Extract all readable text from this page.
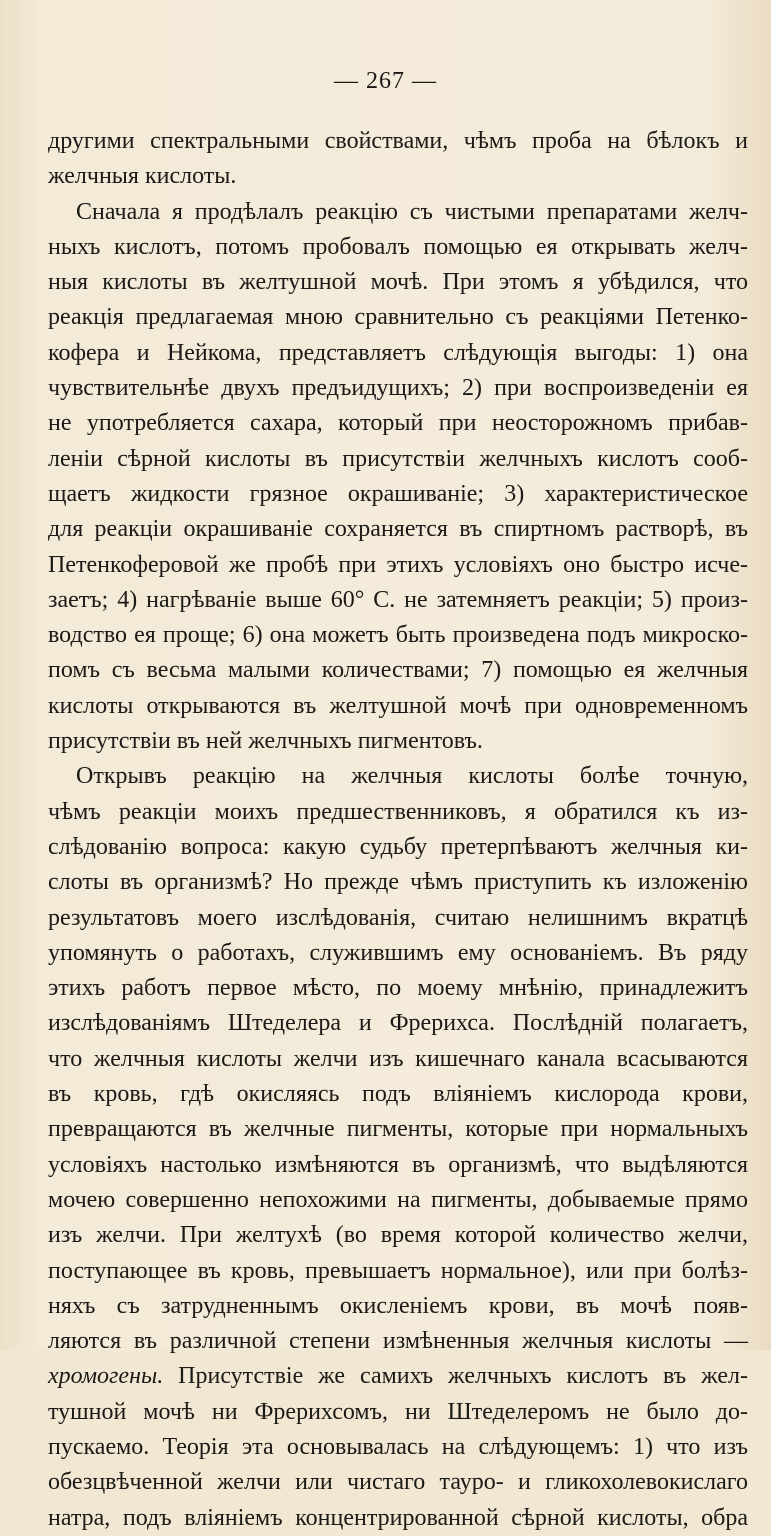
— 267 —
другими спектральными свойствами, чѣмъ проба на бѣлокъ и
желчныя кислоты.
Сначала я продѣлалъ реакцію съ чистыми препаратами желч-
ныхъ кислотъ, потомъ пробовалъ помощью ея открывать желч-
ныя кислоты въ желтушной мочѣ. При этомъ я убѣдился, что
реакція предлагаемая мною сравнительно съ реакціями Петенко-
кофера и Нейкома, представляетъ слѣдующія выгоды: 1) она
чувствительнѣе двухъ предъидущихъ; 2) при воспроизведеніи ея
не употребляется сахара, который при неосторожномъ прибав-
леніи сѣрной кислоты въ присутствіи желчныхъ кислотъ сооб-
щаетъ жидкости грязное окрашиваніе; 3) характеристическое
для реакціи окрашиваніе сохраняется въ спиртномъ растворѣ, въ
Петенкоферовой же пробѣ при этихъ условіяхъ оно быстро исче-
заетъ; 4) нагрѣваніе выше 60° С. не затемняетъ реакціи; 5) произ-
водство ея проще; 6) она можетъ быть произведена подъ микроско-
помъ съ весьма малыми количествами; 7) помощью ея желчныя
кислоты открываются въ желтушной мочѣ при одновременномъ
присутствіи въ ней желчныхъ пигментовъ.
Открывъ реакцію на желчныя кислоты болѣе точную,
чѣмъ реакціи моихъ предшественниковъ, я обратился къ из-
слѣдованію вопроса: какую судьбу претерпѣваютъ желчныя ки-
слоты въ организмѣ? Но прежде чѣмъ приступить къ изложенію
результатовъ моего изслѣдованія, считаю нелишнимъ вкратцѣ
упомянуть о работахъ, служившимъ ему основаніемъ. Въ ряду
этихъ работъ первое мѣсто, по моему мнѣнію, принадлежитъ
изслѣдованіямъ Штеделера и Фрерихса. Послѣдній полагаетъ,
что желчныя кислоты желчи изъ кишечнаго канала всасываются
въ кровь, гдѣ окисляясь подъ вліяніемъ кислорода крови,
превращаются въ желчные пигменты, которые при нормальныхъ
условіяхъ настолько измѣняются въ организмѣ, что выдѣляются
мочею совершенно непохожими на пигменты, добываемые прямо
изъ желчи. При желтухѣ (во время которой количество желчи,
поступающее въ кровь, превышаетъ нормальное), или при болѣз-
няхъ съ затрудненнымъ окисленіемъ крови, въ мочѣ появ-
ляются въ различной степени измѣненныя желчныя кислоты —
хромогены. Присутствіе же самихъ желчныхъ кислотъ въ жел-
тушной мочѣ ни Фрерихсомъ, ни Штеделеромъ не было до-
пускаемо. Теорія эта основывалась на слѣдующемъ: 1) что изъ
обезцвѣченной желчи или чистаго тауро- и гликохолевокислаго
натра, подъ вліяніемъ концентрированной сѣрной кислоты, обра
